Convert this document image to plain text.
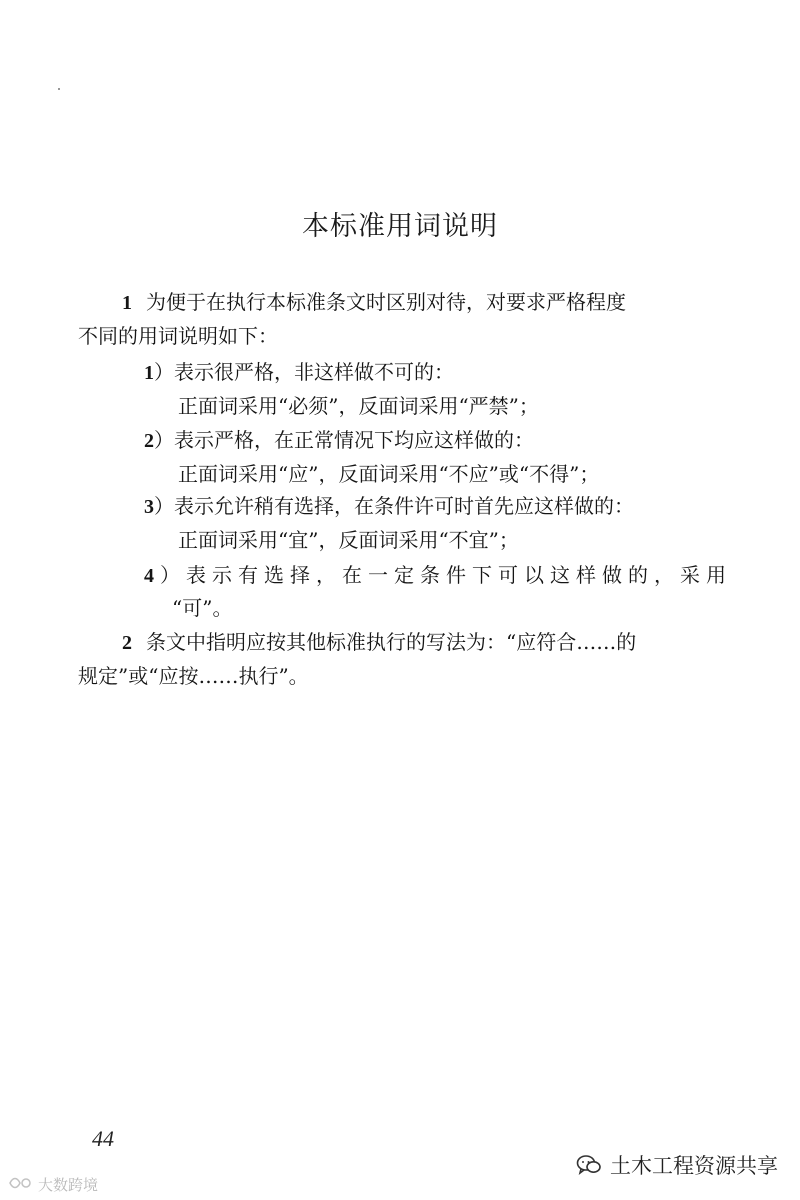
本标准用词说明
1 为便于在执行本标准条文时区别对待，对要求严格程度
不同的用词说明如下：
1）表示很严格，非这样做不可的：
正面词采用“必须”，反面词采用“严禁”；
2）表示严格，在正常情况下均应这样做的：
正面词采用“应”，反面词采用“不应”或“不得”；
3）表示允许稍有选择，在条件许可时首先应这样做的：
正面词采用“宜”，反面词采用“不宜”；
4）表示有选择，在一定条件下可以这样做的，采用
“可”。
2 条文中指明应按其他标准执行的写法为：“应符合……的
规定”或“应按……执行”。
44
大数跨境
土木工程资源共享
